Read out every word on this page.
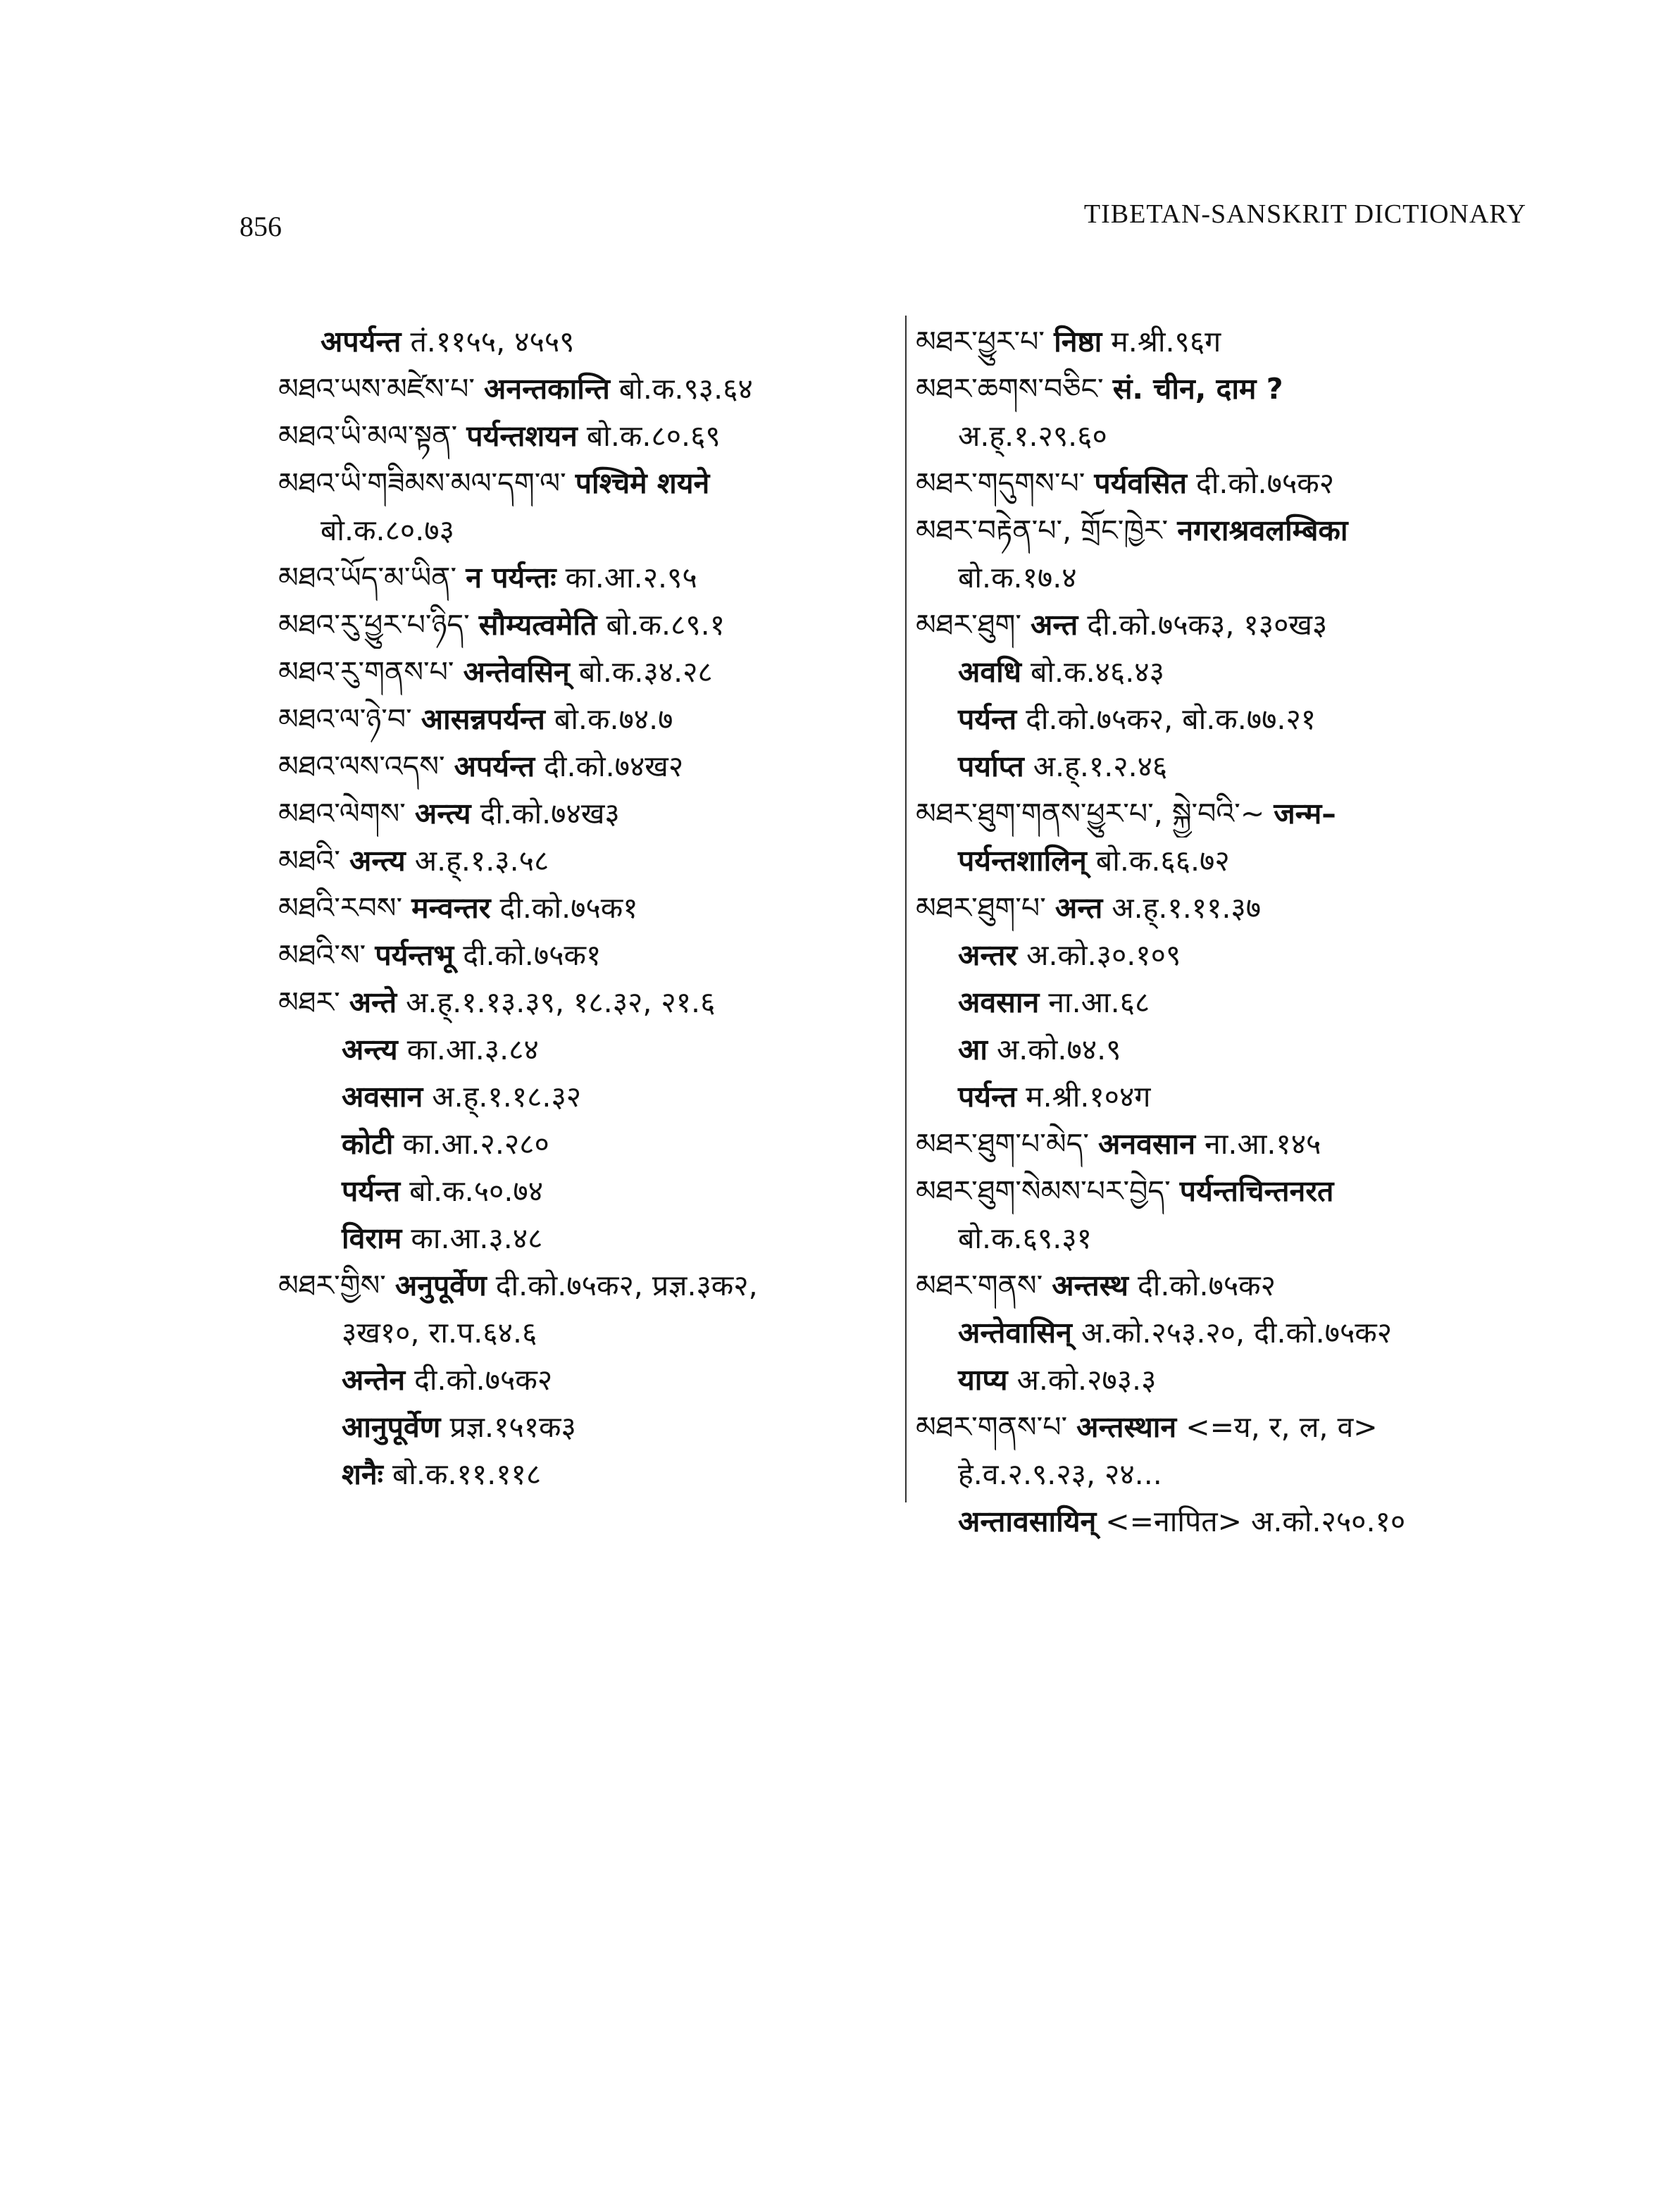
856	TIBETAN-SANSKRIT DICTIONARY
अपर्यन्त तं.११५५, ४५५९
མཐའ་ཡས་མཛེས་པ་ अनन्तकान्ति बो.क.९३.६४
མཐའ་ཡི་མལ་སྟན་ पर्यन्तशयन बो.क.८०.६९
མཐའ་ཡི་གཟིམས་མལ་དག་ལ་ पश्चिमे शयने
बो.क.८०.७३
མཐའ་ཡོད་མ་ཡིན་ न पर्यन्तः का.आ.२.९५
མཐའ་རུ་ཕྱུར་པ་ཉིད་ सौम्यत्वमेति बो.क.८९.१
མཐའ་རུ་གནས་པ་ अन्तेवसिन् बो.क.३४.२८
མཐའ་ལ་ཉེ་བ་ आसन्नपर्यन्त बो.क.७४.७
མཐའ་ལས་འདས་ अपर्यन्त दी.को.७४ख२
མཐའ་ལེགས་ अन्त्य दी.को.७४ख३
མཐའི་ अन्त्य अ.ह्.१.३.५८
མཐའི་རབས་ मन्वन्तर दी.को.७५क१
མཐའི་ས་ पर्यन्तभू दी.को.७५क१
མཐར་ अन्ते अ.ह्.१.१३.३९, १८.३२, २१.६
अन्त्य का.आ.३.८४
अवसान अ.ह्.१.१८.३२
कोटी का.आ.२.२८०
पर्यन्त बो.क.५०.७४
विराम का.आ.३.४८
མཐར་གྱིས་ अनुपूर्वेण दी.को.७५क२, प्रज्ञ.३क२,
३ख१०, रा.प.६४.६
अन्तेन दी.को.७५क२
आनुपूर्वेण प्रज्ञ.१५१क३
शनैः बो.क.११.११८
མཐར་ཕྱུར་པ་ निष्ठा म.श्री.९६ग
མཐར་ཆགས་བཅིང་ सं. चीन, दाम ?
अ.ह्.१.२९.६०
མཐར་གདུགས་པ་ पर्यवसित दी.को.७५क२
མཐར་བརྟེན་པ་, གྲོང་ཁྱེར་ नगराश्रवलम्बिका
बो.क.१७.४
མཐར་ཐུག་ अन्त दी.को.७५क३, १३०ख३
अवधि बो.क.४६.४३
पर्यन्त दी.को.७५क२, बो.क.७७.२१
पर्याप्त अ.ह्.१.२.४६
མཐར་ཐུག་གནས་ཕྱུར་པ་, སྐྱེ་བའི་~ जन्म–
पर्यन्तशालिन् बो.क.६६.७२
མཐར་ཐུག་པ་ अन्त अ.ह्.१.११.३७
अन्तर अ.को.३०.१०९
अवसान ना.आ.६८
आ अ.को.७४.९
पर्यन्त म.श्री.१०४ग
མཐར་ཐུག་པ་མེད་ अनवसान ना.आ.१४५
མཐར་ཐུག་སེམས་པར་བྱེད་ पर्यन्तचिन्तनरत
बो.क.६९.३१
མཐར་གནས་ अन्तस्थ दी.को.७५क२
अन्तेवासिन् अ.को.२५३.२०, दी.को.७५क२
याप्य अ.को.२७३.३
མཐར་གནས་པ་ अन्तस्थान <=य, र, ल, व>
हे.व.२.९.२३, २४...
अन्तावसायिन् <=नापित> अ.को.२५०.१०
